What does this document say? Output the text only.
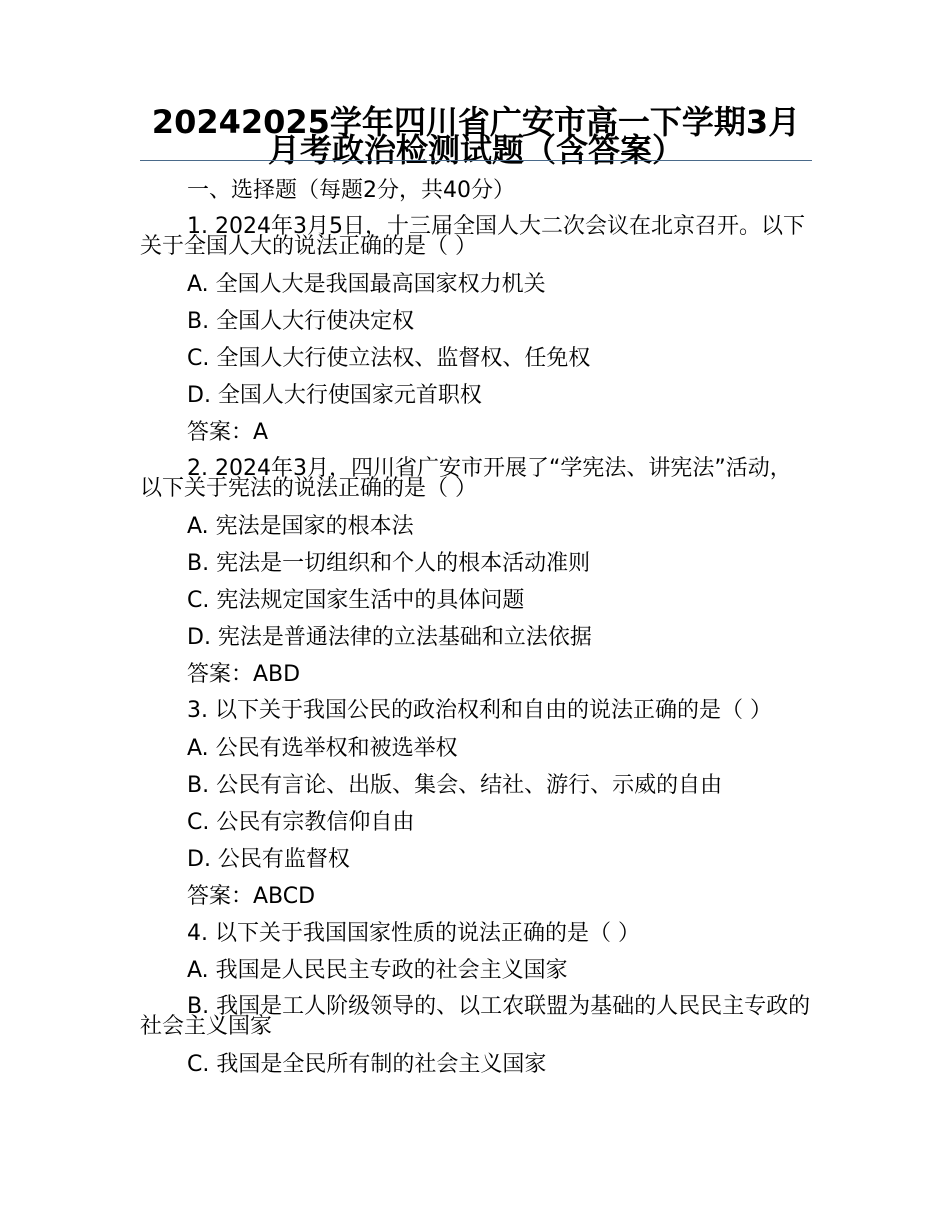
20242025学年四川省广安市高一下学期3月月考政治检测试题（含答案）

一、选择题（每题2分，共40分）

1. 2024年3月5日，十三届全国人大二次会议在北京召开。以下关于全国人大的说法正确的是（ ）

A. 全国人大是我国最高国家权力机关

B. 全国人大行使决定权

C. 全国人大行使立法权、监督权、任免权

D. 全国人大行使国家元首职权

答案：A

2. 2024年3月，四川省广安市开展了“学宪法、讲宪法”活动，以下关于宪法的说法正确的是（ ）

A. 宪法是国家的根本法

B. 宪法是一切组织和个人的根本活动准则

C. 宪法规定国家生活中的具体问题

D. 宪法是普通法律的立法基础和立法依据

答案：ABD

3. 以下关于我国公民的政治权利和自由的说法正确的是（ ）

A. 公民有选举权和被选举权

B. 公民有言论、出版、集会、结社、游行、示威的自由

C. 公民有宗教信仰自由

D. 公民有监督权

答案：ABCD

4. 以下关于我国国家性质的说法正确的是（ ）

A. 我国是人民民主专政的社会主义国家

B. 我国是工人阶级领导的、以工农联盟为基础的人民民主专政的社会主义国家

C. 我国是全民所有制的社会主义国家
